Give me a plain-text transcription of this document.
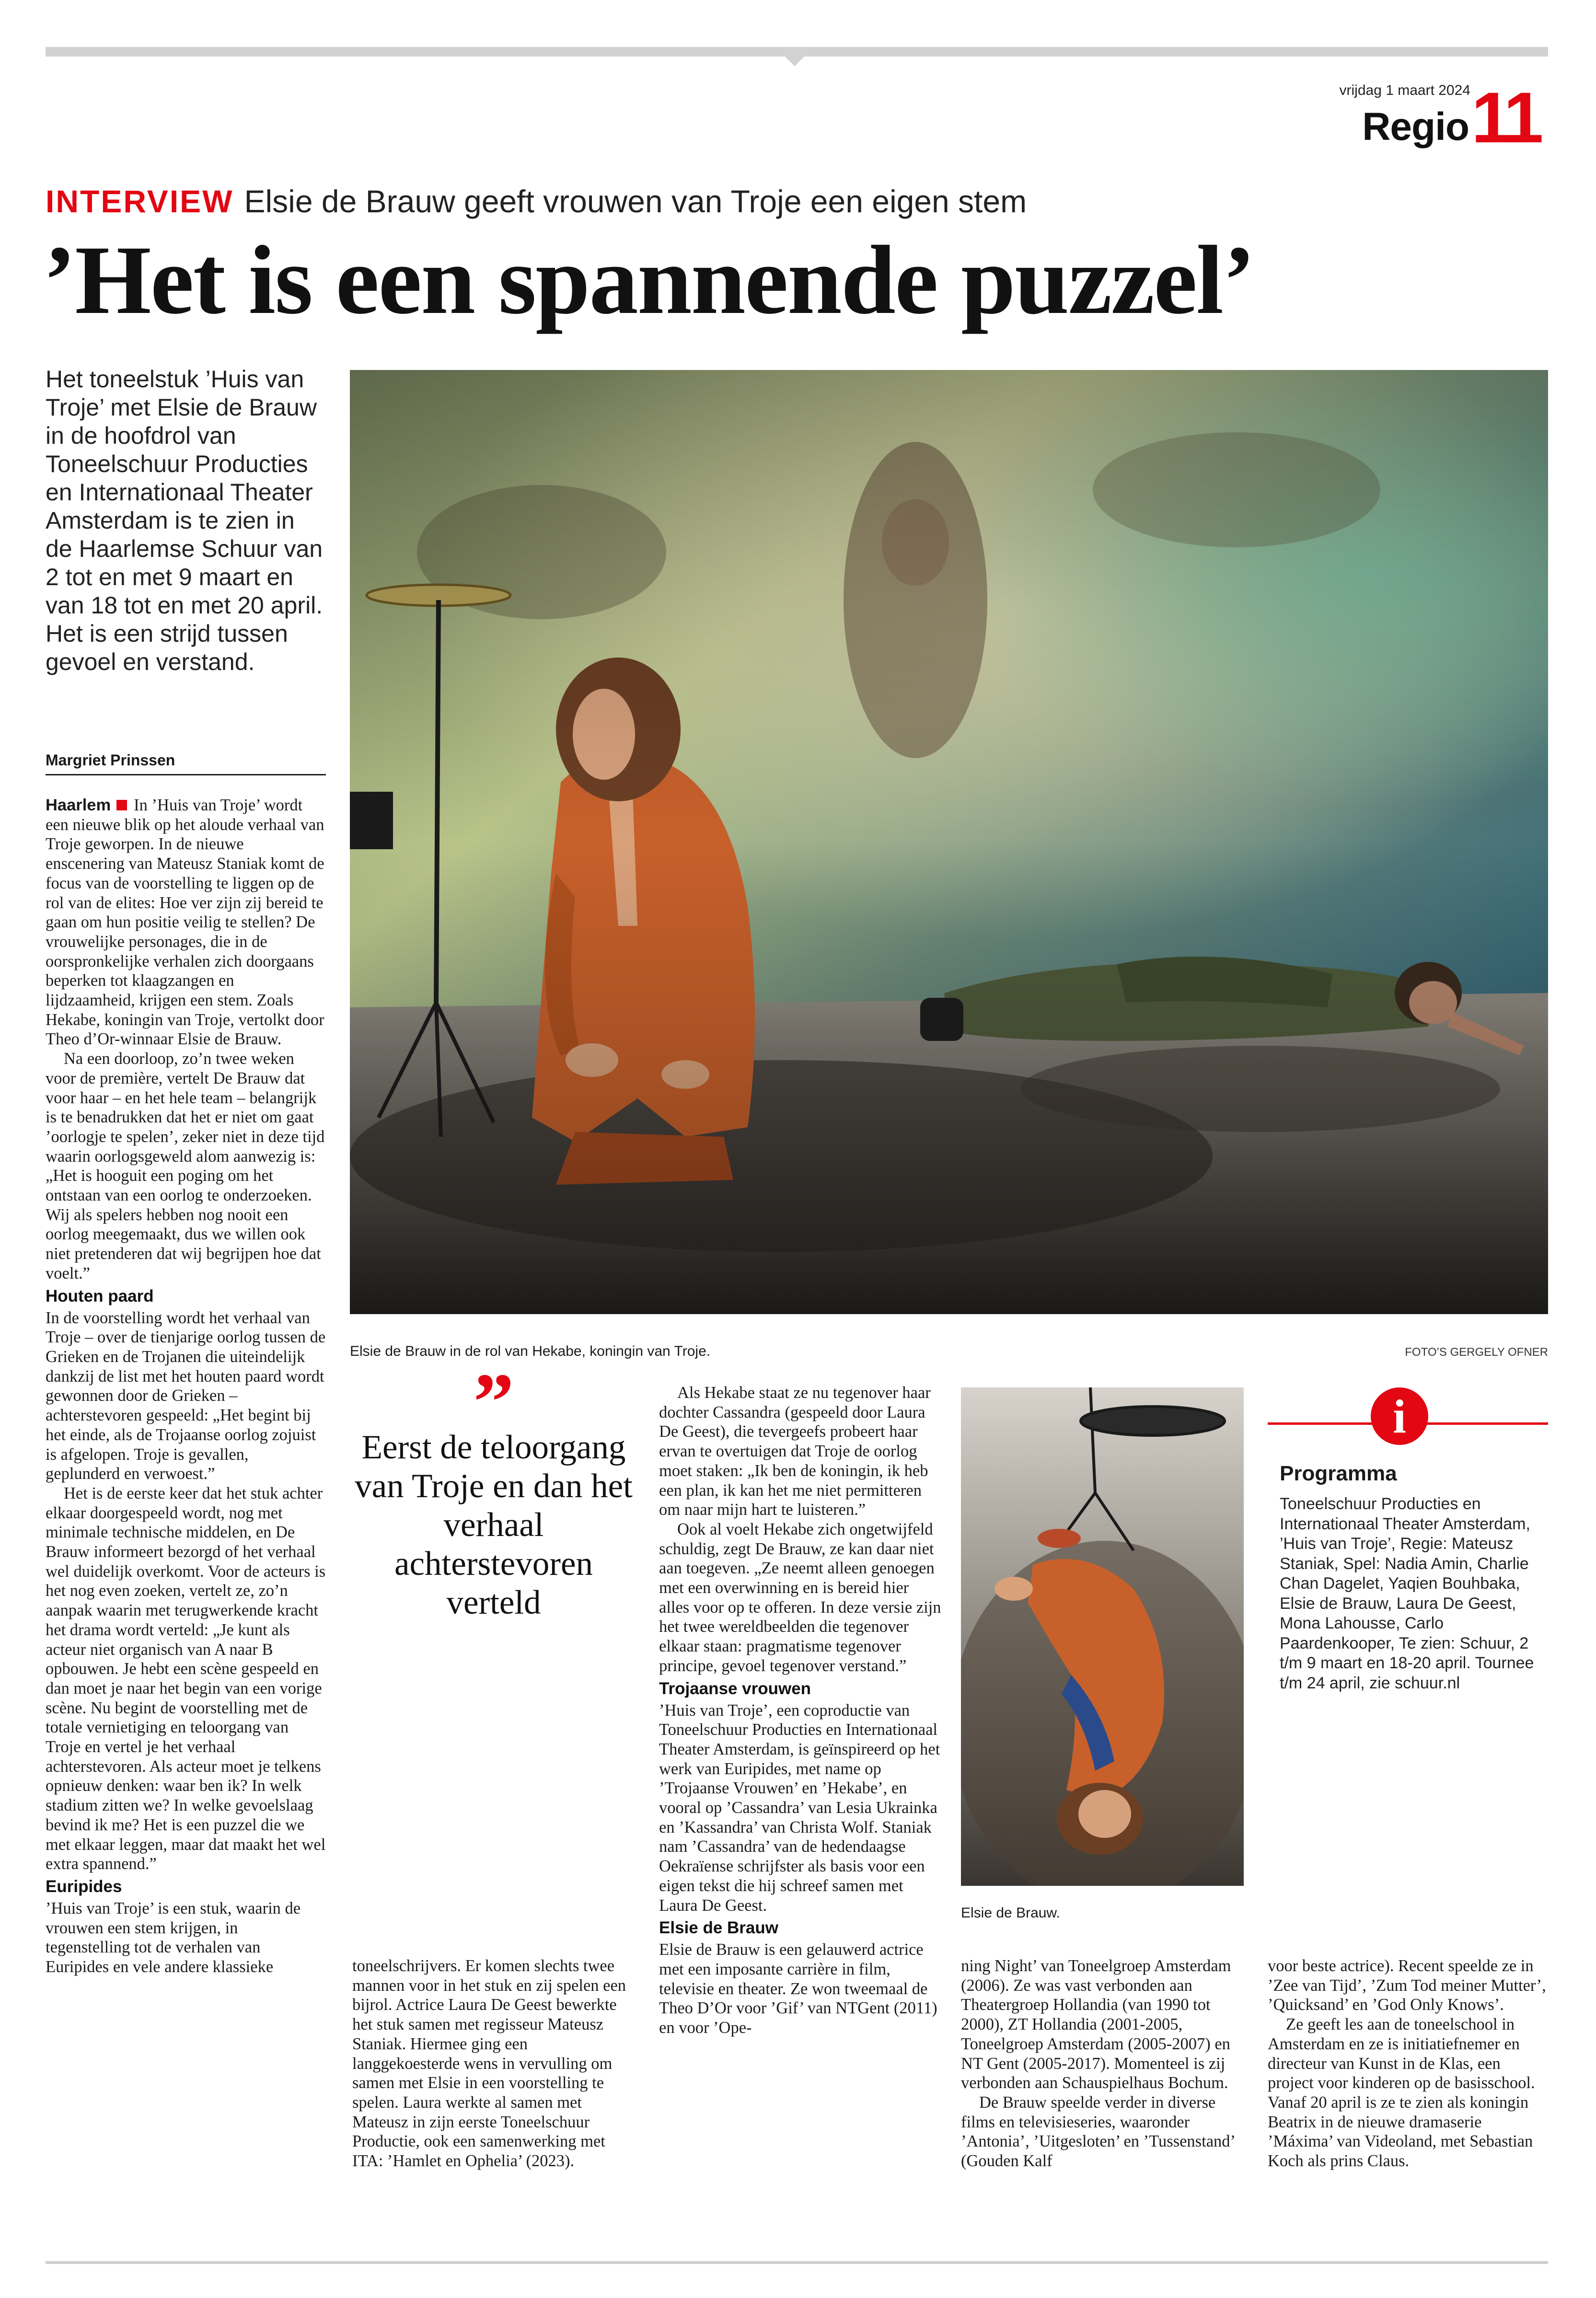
vrijdag 1 maart 2024
Regio 11
INTERVIEW Elsie de Brauw geeft vrouwen van Troje een eigen stem
’Het is een spannende puzzel’
Het toneelstuk ’Huis van Troje’ met Elsie de Brauw in de hoofdrol van Toneelschuur Producties en Internationaal Theater Amsterdam is te zien in de Haarlemse Schuur van 2 tot en met 9 maart en van 18 tot en met 20 april. Het is een strijd tussen gevoel en verstand.
Margriet Prinssen
Elsie de Brauw in de rol van Hekabe, koningin van Troje.	FOTO’S GERGELY OFNER

Haarlem In ’Huis van Troje’ wordt een nieuwe blik op het aloude verhaal van Troje geworpen. In de nieuwe enscenering van Mateusz Staniak komt de focus van de voorstelling te liggen op de rol van de elites: Hoe ver zijn zij bereid te gaan om hun positie veilig te stellen? De vrouwelijke personages, die in de oorspronkelijke verhalen zich doorgaans beperken tot klaagzangen en lijdzaamheid, krijgen een stem. Zoals Hekabe, koningin van Troje, vertolkt door Theo d’Or-winnaar Elsie de Brauw.

Na een doorloop, zo’n twee weken voor de première, vertelt De Brauw dat voor haar – en het hele team – belangrijk is te benadrukken dat het er niet om gaat ’oorlogje te spelen’, zeker niet in deze tijd waarin oorlogsgeweld alom aanwezig is: „Het is hooguit een poging om het ontstaan van een oorlog te onderzoeken. Wij als spelers hebben nog nooit een oorlog meegemaakt, dus we willen ook niet pretenderen dat wij begrijpen hoe dat voelt.”

Houten paard

In de voorstelling wordt het verhaal van Troje – over de tienjarige oorlog tussen de Grieken en de Trojanen die uiteindelijk dankzij de list met het houten paard wordt gewonnen door de Grieken – achterstevoren gespeeld: „Het begint bij het einde, als de Trojaanse oorlog zojuist is afgelopen. Troje is gevallen, geplunderd en verwoest.”

Het is de eerste keer dat het stuk achter elkaar doorgespeeld wordt, nog met minimale technische middelen, en De Brauw informeert bezorgd of het verhaal wel duidelijk overkomt. Voor de acteurs is het nog even zoeken, vertelt ze, zo’n aanpak waarin met terugwerkende kracht het drama wordt verteld: „Je kunt als acteur niet organisch van A naar B opbouwen. Je hebt een scène gespeeld en dan moet je naar het begin van een vorige scène. Nu begint de voorstelling met de totale vernietiging en teloorgang van Troje en vertel je het verhaal achterstevoren. Als acteur moet je telkens opnieuw denken: waar ben ik? In welk stadium zitten we? In welke gevoelslaag bevind ik me? Het is een puzzel die we met elkaar leggen, maar dat maakt het wel extra spannend.”

Euripides

’Huis van Troje’ is een stuk, waarin de vrouwen een stem krijgen, in tegenstelling tot de verhalen van Euripides en vele andere klassieke

”
Eerst de teloorgang van Troje en dan het verhaal achterstevoren verteld

toneelschrijvers. Er komen slechts twee mannen voor in het stuk en zij spelen een bijrol. Actrice Laura De Geest bewerkte het stuk samen met regisseur Mateusz Staniak. Hiermee ging een langgekoesterde wens in vervulling om samen met Elsie in een voorstelling te spelen. Laura werkte al samen met Mateusz in zijn eerste Toneelschuur Productie, ook een samenwerking met ITA: ’Hamlet en Ophelia’ (2023).

Als Hekabe staat ze nu tegenover haar dochter Cassandra (gespeeld door Laura De Geest), die tevergeefs probeert haar ervan te overtuigen dat Troje de oorlog moet staken: „Ik ben de koningin, ik heb een plan, ik kan het me niet permitteren om naar mijn hart te luisteren.”

Ook al voelt Hekabe zich ongetwijfeld schuldig, zegt De Brauw, ze kan daar niet aan toegeven. „Ze neemt alleen genoegen met een overwinning en is bereid hier alles voor op te offeren. In deze versie zijn het twee wereldbeelden die tegenover elkaar staan: pragmatisme tegenover principe, gevoel tegenover verstand.”

Trojaanse vrouwen

’Huis van Troje’, een coproductie van Toneelschuur Producties en Internationaal Theater Amsterdam, is geïnspireerd op het werk van Euripides, met name op ’Trojaanse Vrouwen’ en ’Hekabe’, en vooral op ’Cassandra’ van Lesia Ukrainka en ’Kassandra’ van Christa Wolf. Staniak nam ’Cassandra’ van de hedendaagse Oekraïense schrijfster als basis voor een eigen tekst die hij schreef samen met Laura De Geest.

Elsie de Brauw

Elsie de Brauw is een gelauwerd actrice met een imposante carrière in film, televisie en theater. Ze won tweemaal de Theo D’Or voor ’Gif’ van NTGent (2011) en voor ’Ope-

Elsie de Brauw.

ning Night’ van Toneelgroep Amsterdam (2006). Ze was vast verbonden aan Theatergroep Hollandia (van 1990 tot 2000), ZT Hollandia (2001-2005, Toneelgroep Amsterdam (2005-2007) en NT Gent (2005-2017). Momenteel is zij verbonden aan Schauspielhaus Bochum.

De Brauw speelde verder in diverse films en televisieseries, waaronder ’Antonia’, ’Uitgesloten’ en ’Tussenstand’ (Gouden Kalf

i
Programma
Toneelschuur Producties en Internationaal Theater Amsterdam, ’Huis van Troje’, Regie: Mateusz Staniak, Spel: Nadia Amin, Charlie Chan Dagelet, Yaqien Bouhbaka, Elsie de Brauw, Laura De Geest, Mona Lahousse, Carlo Paardenkooper, Te zien: Schuur, 2 t/m 9 maart en 18-20 april. Tournee t/m 24 april, zie schuur.nl

voor beste actrice). Recent speelde ze in ’Zee van Tijd’, ’Zum Tod meiner Mutter’, ’Quicksand’ en ’God Only Knows’.

Ze geeft les aan de toneelschool in Amsterdam en ze is initiatiefnemer en directeur van Kunst in de Klas, een project voor kinderen op de basisschool. Vanaf 20 april is ze te zien als koningin Beatrix in de nieuwe dramaserie ’Máxima’ van Videoland, met Sebastian Koch als prins Claus.
